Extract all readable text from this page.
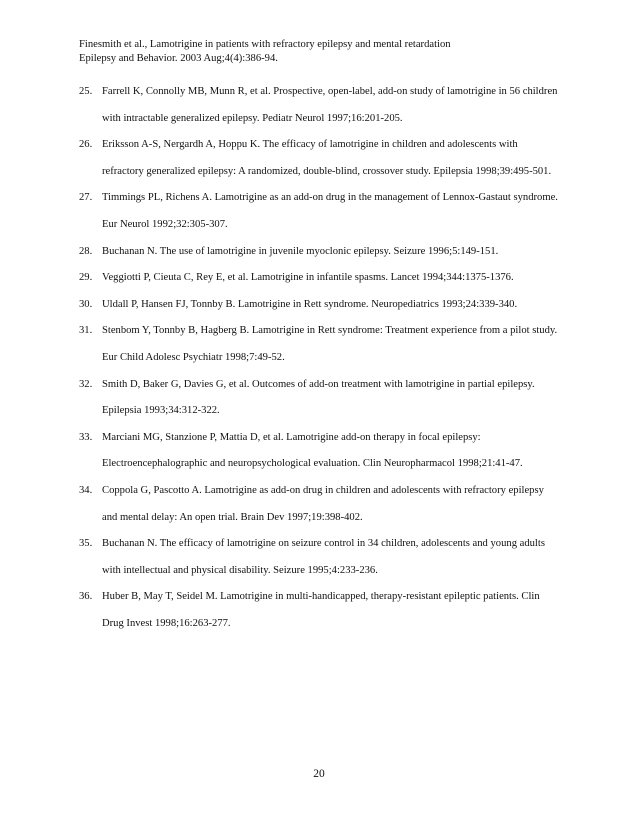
Finesmith et al., Lamotrigine in patients with refractory epilepsy and mental retardation
Epilepsy and Behavior. 2003 Aug;4(4):386-94.

25. Farrell K, Connolly MB, Munn R, et al. Prospective, open-label, add-on study of lamotrigine in 56 children with intractable generalized epilepsy. Pediatr Neurol 1997;16:201-205.

26. Eriksson A-S, Nergardh A, Hoppu K. The efficacy of lamotrigine in children and adolescents with refractory generalized epilepsy: A randomized, double-blind, crossover study. Epilepsia 1998;39:495-501.

27. Timmings PL, Richens A. Lamotrigine as an add-on drug in the management of Lennox-Gastaut syndrome. Eur Neurol 1992;32:305-307.

28. Buchanan N. The use of lamotrigine in juvenile myoclonic epilepsy. Seizure 1996;5:149-151.

29. Veggiotti P, Cieuta C, Rey E, et al. Lamotrigine in infantile spasms. Lancet 1994;344:1375-1376.

30. Uldall P, Hansen FJ, Tonnby B. Lamotrigine in Rett syndrome. Neuropediatrics 1993;24:339-340.

31. Stenbom Y, Tonnby B, Hagberg B. Lamotrigine in Rett syndrome: Treatment experience from a pilot study. Eur Child Adolesc Psychiatr 1998;7:49-52.

32. Smith D, Baker G, Davies G, et al. Outcomes of add-on treatment with lamotrigine in partial epilepsy. Epilepsia 1993;34:312-322.

33. Marciani MG, Stanzione P, Mattia D, et al. Lamotrigine add-on therapy in focal epilepsy: Electroencephalographic and neuropsychological evaluation. Clin Neuropharmacol 1998;21:41-47.

34. Coppola G, Pascotto A. Lamotrigine as add-on drug in children and adolescents with refractory epilepsy and mental delay: An open trial. Brain Dev 1997;19:398-402.

35. Buchanan N. The efficacy of lamotrigine on seizure control in 34 children, adolescents and young adults with intellectual and physical disability. Seizure 1995;4:233-236.

36. Huber B, May T, Seidel M. Lamotrigine in multi-handicapped, therapy-resistant epileptic patients. Clin Drug Invest 1998;16:263-277.

20
